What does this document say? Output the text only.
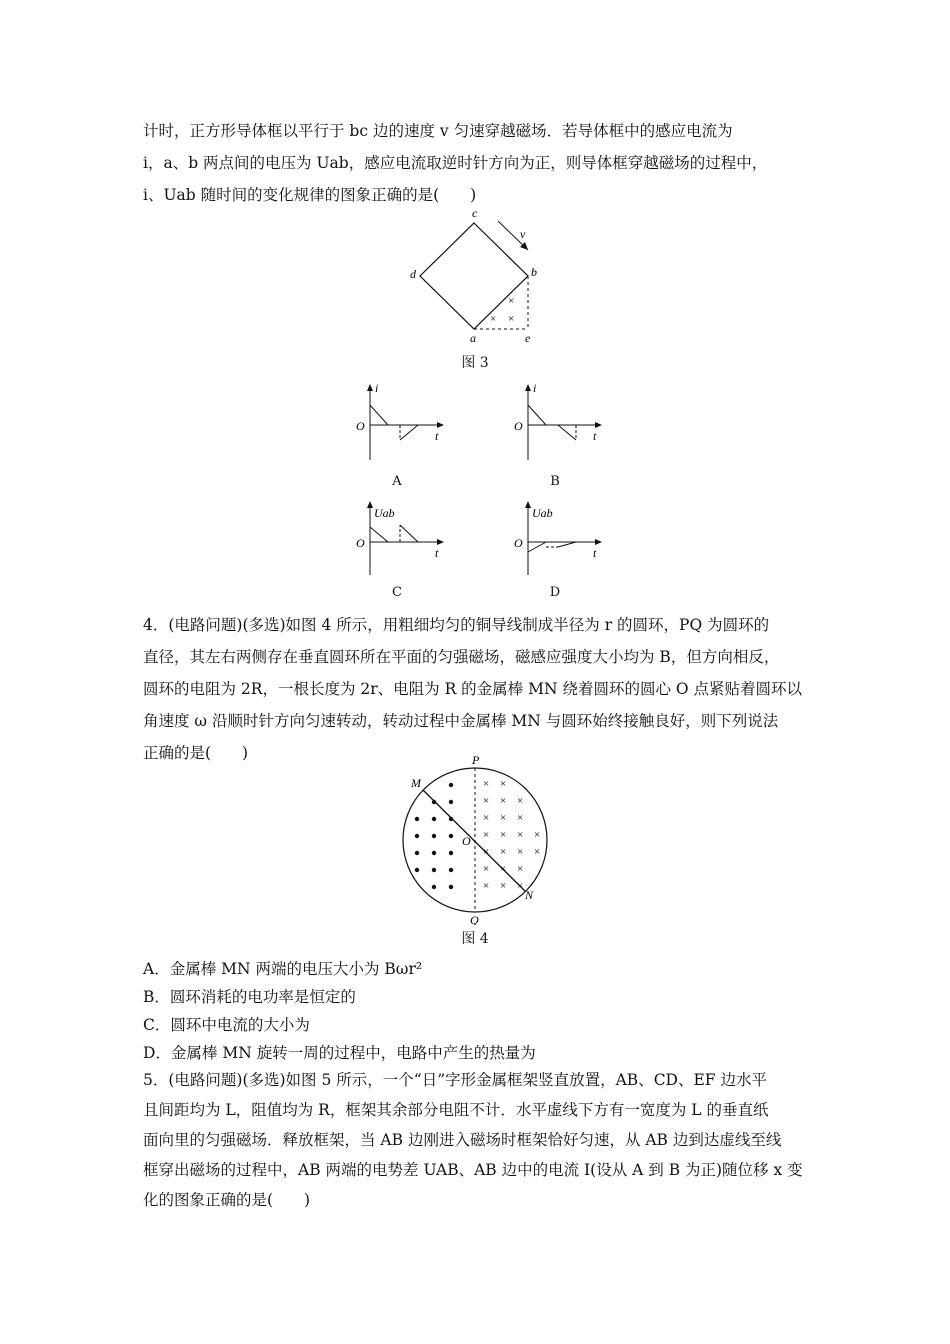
计时，正方形导体框以平行于 bc 边的速度 v 匀速穿越磁场．若导体框中的感应电流为
i，a、b 两点间的电压为 Uab，感应电流取逆时针方向为正，则导体框穿越磁场的过程中，
i、Uab 随时间的变化规律的图象正确的是(　　)
c
b
d
a	e
v
×
× ×
图 3
i
O
t
A
i
O
t
B
Uab
O
t
C
Uab
O
t
D
4．(电路问题)(多选)如图 4 所示，用粗细均匀的铜导线制成半径为 r 的圆环，PQ 为圆环的
直径，其左右两侧存在垂直圆环所在平面的匀强磁场，磁感应强度大小均为 B，但方向相反，
圆环的电阻为 2R，一根长度为 2r、电阻为 R 的金属棒 MN 绕着圆环的圆心 O 点紧贴着圆环以
角速度 ω 沿顺时针方向匀速转动，转动过程中金属棒 MN 与圆环始终接触良好，则下列说法
正确的是(　　)
× ×
× × ×
× × ×
× × × ×
× × × ×
× × ×
× × ×
P
Q
M
N
O
图 4
A．金属棒 MN 两端的电压大小为 Bωr²
B．圆环消耗的电功率是恒定的
C．圆环中电流的大小为
D．金属棒 MN 旋转一周的过程中，电路中产生的热量为
5．(电路问题)(多选)如图 5 所示，一个“日”字形金属框架竖直放置，AB、CD、EF 边水平
且间距均为 L，阻值均为 R，框架其余部分电阻不计．水平虚线下方有一宽度为 L 的垂直纸
面向里的匀强磁场．释放框架，当 AB 边刚进入磁场时框架恰好匀速，从 AB 边到达虚线至线
框穿出磁场的过程中，AB 两端的电势差 UAB、AB 边中的电流 I(设从 A 到 B 为正)随位移 x 变
化的图象正确的是(　　)
